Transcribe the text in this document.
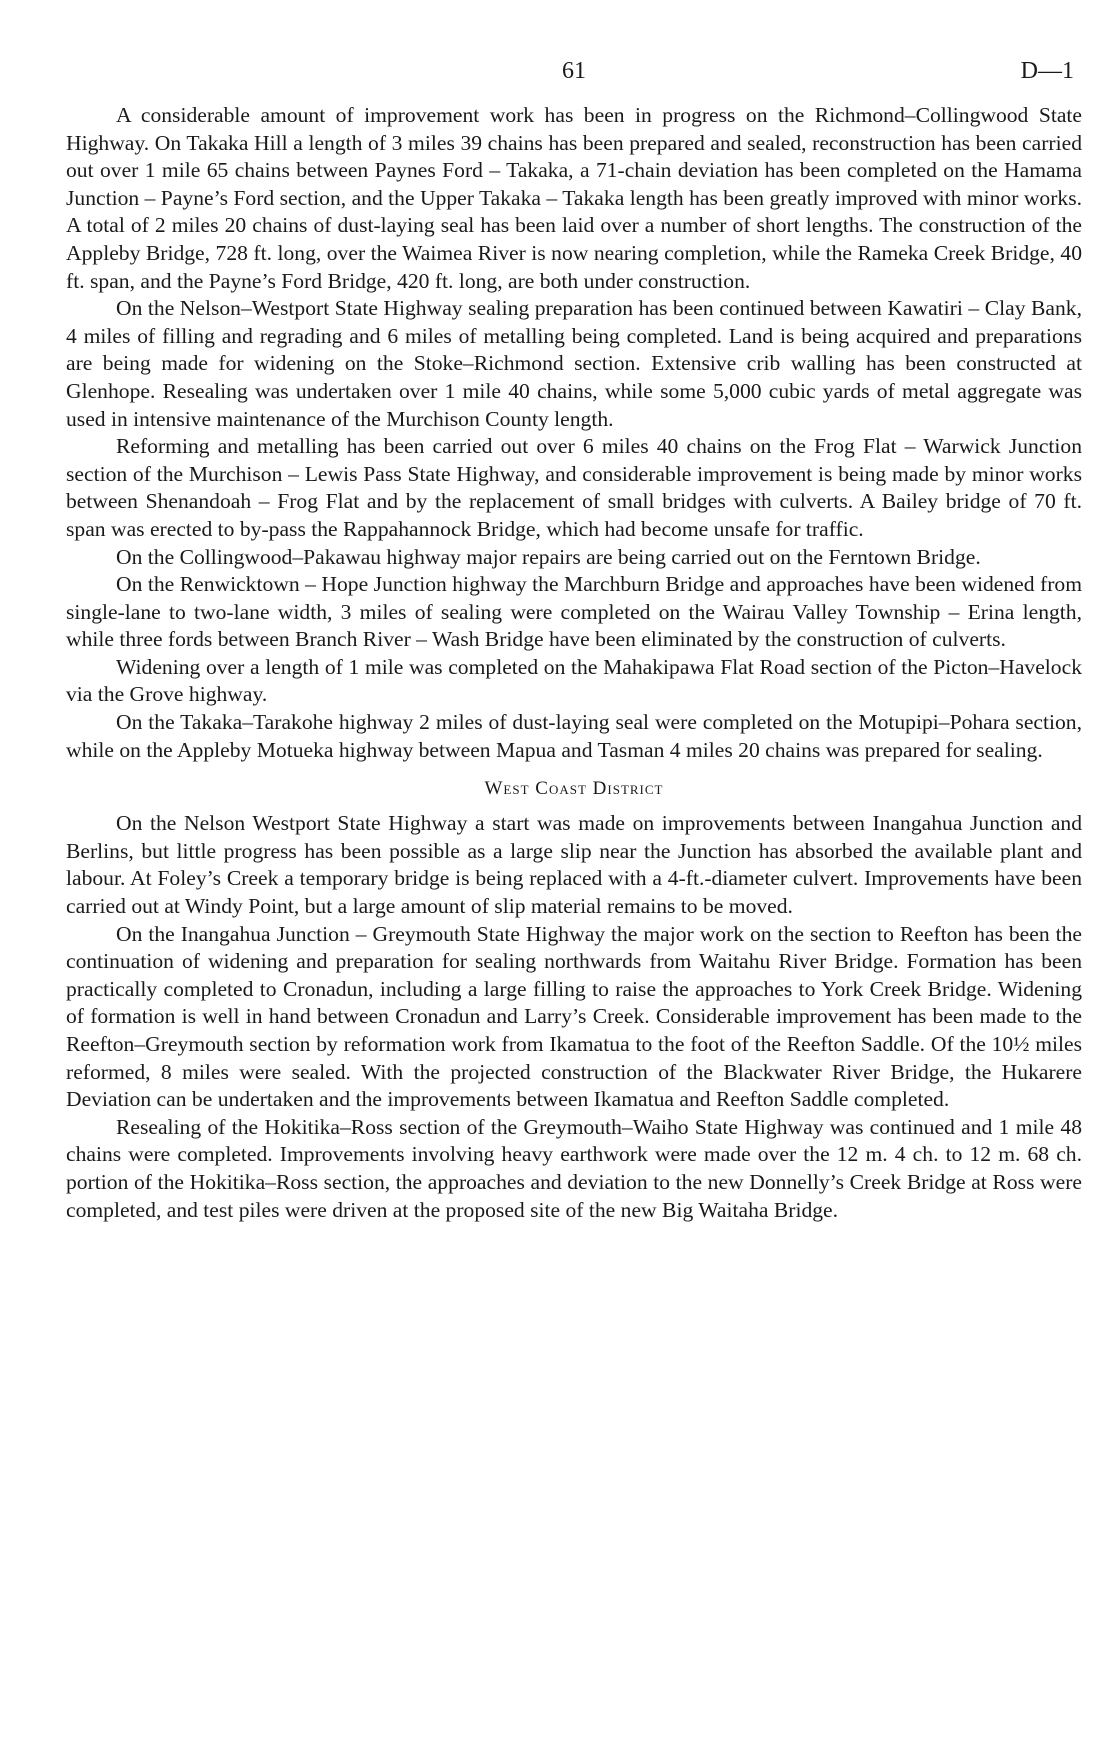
61	D—1

A considerable amount of improvement work has been in progress on the Richmond–Collingwood State Highway. On Takaka Hill a length of 3 miles 39 chains has been prepared and sealed, reconstruction has been carried out over 1 mile 65 chains between Paynes Ford – Takaka, a 71-chain deviation has been completed on the Hamama Junction – Payne’s Ford section, and the Upper Takaka – Takaka length has been greatly improved with minor works. A total of 2 miles 20 chains of dust-laying seal has been laid over a number of short lengths. The construction of the Appleby Bridge, 728 ft. long, over the Waimea River is now nearing completion, while the Rameka Creek Bridge, 40 ft. span, and the Payne’s Ford Bridge, 420 ft. long, are both under construction.

On the Nelson–Westport State Highway sealing preparation has been continued between Kawatiri – Clay Bank, 4 miles of filling and regrading and 6 miles of metalling being completed. Land is being acquired and preparations are being made for widening on the Stoke–Richmond section. Extensive crib walling has been constructed at Glenhope. Resealing was undertaken over 1 mile 40 chains, while some 5,000 cubic yards of metal aggregate was used in intensive maintenance of the Murchison County length.

Reforming and metalling has been carried out over 6 miles 40 chains on the Frog Flat – Warwick Junction section of the Murchison – Lewis Pass State Highway, and considerable improvement is being made by minor works between Shenandoah – Frog Flat and by the replacement of small bridges with culverts. A Bailey bridge of 70 ft. span was erected to by-pass the Rappahannock Bridge, which had become unsafe for traffic.

On the Collingwood–Pakawau highway major repairs are being carried out on the Ferntown Bridge.

On the Renwicktown – Hope Junction highway the Marchburn Bridge and approaches have been widened from single-lane to two-lane width, 3 miles of sealing were completed on the Wairau Valley Township – Erina length, while three fords between Branch River – Wash Bridge have been eliminated by the construction of culverts.

Widening over a length of 1 mile was completed on the Mahakipawa Flat Road section of the Picton–Havelock via the Grove highway.

On the Takaka–Tarakohe highway 2 miles of dust-laying seal were completed on the Motupipi–Pohara section, while on the Appleby Motueka highway between Mapua and Tasman 4 miles 20 chains was prepared for sealing.

West Coast District

On the Nelson Westport State Highway a start was made on improvements between Inangahua Junction and Berlins, but little progress has been possible as a large slip near the Junction has absorbed the available plant and labour. At Foley’s Creek a temporary bridge is being replaced with a 4-ft.-diameter culvert. Improvements have been carried out at Windy Point, but a large amount of slip material remains to be moved.

On the Inangahua Junction – Greymouth State Highway the major work on the section to Reefton has been the continuation of widening and preparation for sealing northwards from Waitahu River Bridge. Formation has been practically completed to Cronadun, including a large filling to raise the approaches to York Creek Bridge. Widening of formation is well in hand between Cronadun and Larry’s Creek. Considerable improvement has been made to the Reefton–Greymouth section by reformation work from Ikamatua to the foot of the Reefton Saddle. Of the 10½ miles reformed, 8 miles were sealed. With the projected construction of the Blackwater River Bridge, the Hukarere Deviation can be undertaken and the improvements between Ikamatua and Reefton Saddle completed.

Resealing of the Hokitika–Ross section of the Greymouth–Waiho State Highway was continued and 1 mile 48 chains were completed. Improvements involving heavy earthwork were made over the 12 m. 4 ch. to 12 m. 68 ch. portion of the Hokitika–Ross section, the approaches and deviation to the new Donnelly’s Creek Bridge at Ross were completed, and test piles were driven at the proposed site of the new Big Waitaha Bridge.
